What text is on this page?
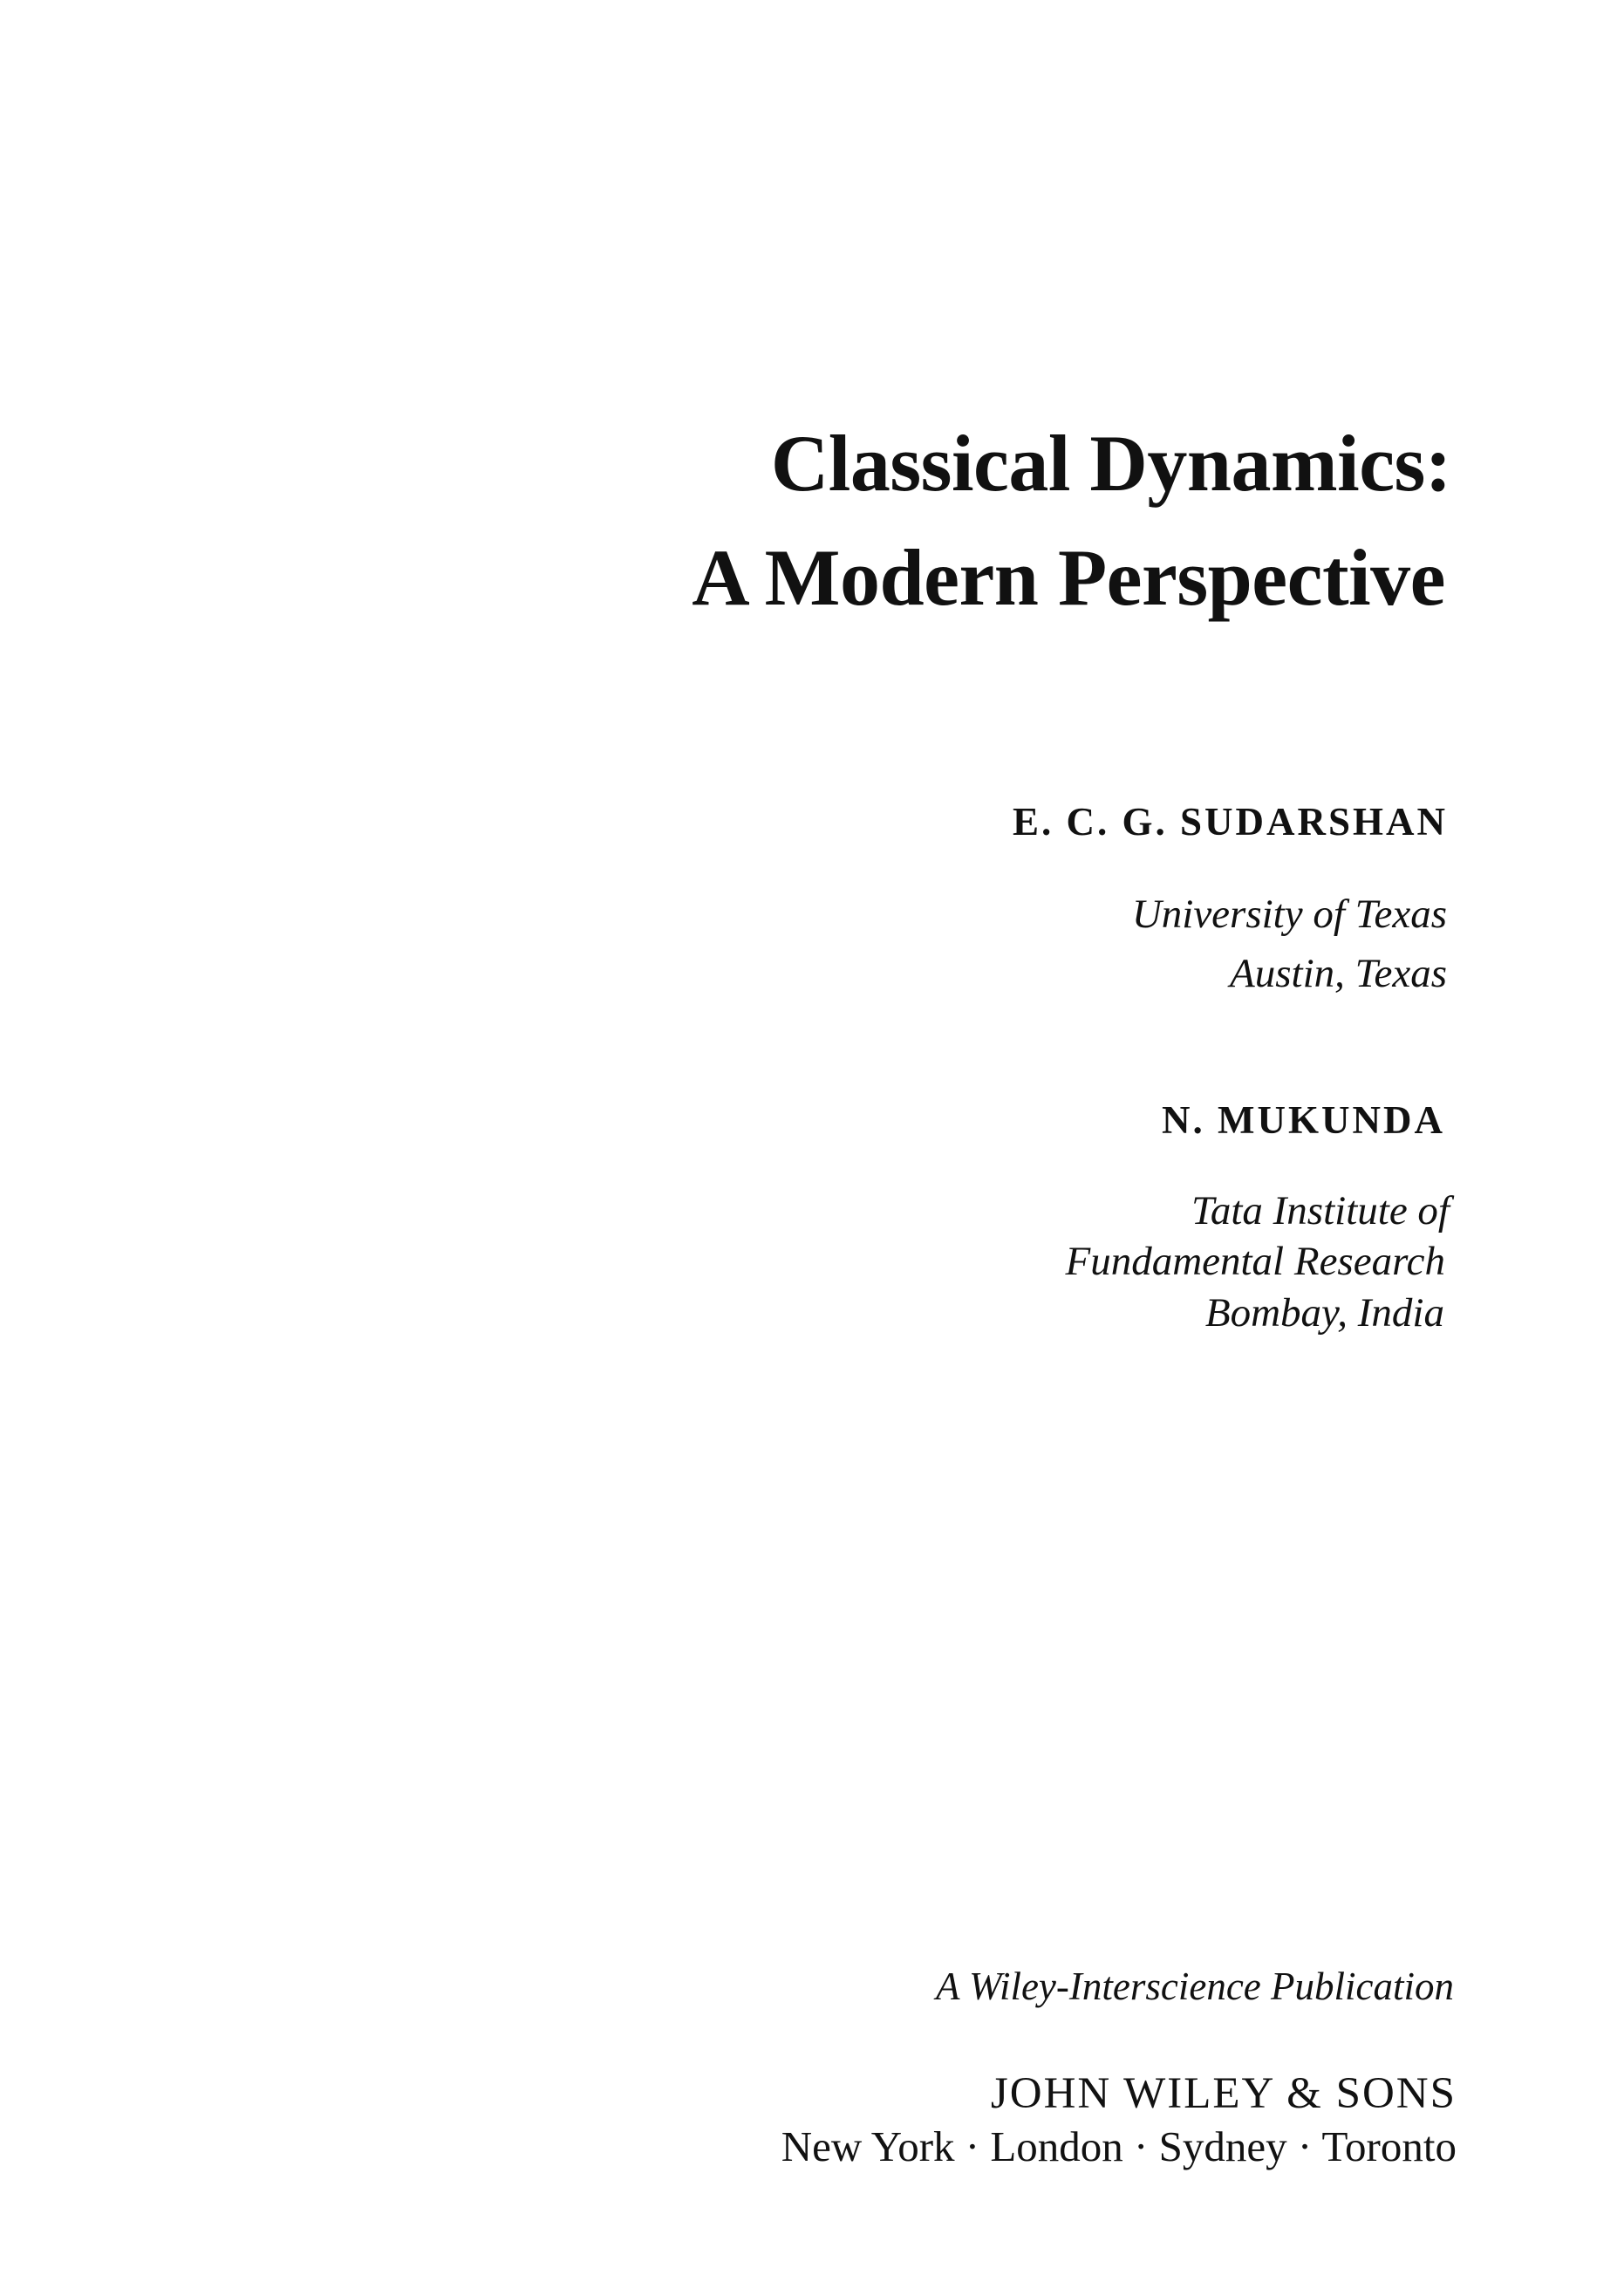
Classical Dynamics:
A Modern Perspective
E. C. G. SUDARSHAN
University of Texas
Austin, Texas
N. MUKUNDA
Tata Institute of
Fundamental Research
Bombay, India
A Wiley-Interscience Publication
JOHN WILEY & SONS
New York · London · Sydney · Toronto
